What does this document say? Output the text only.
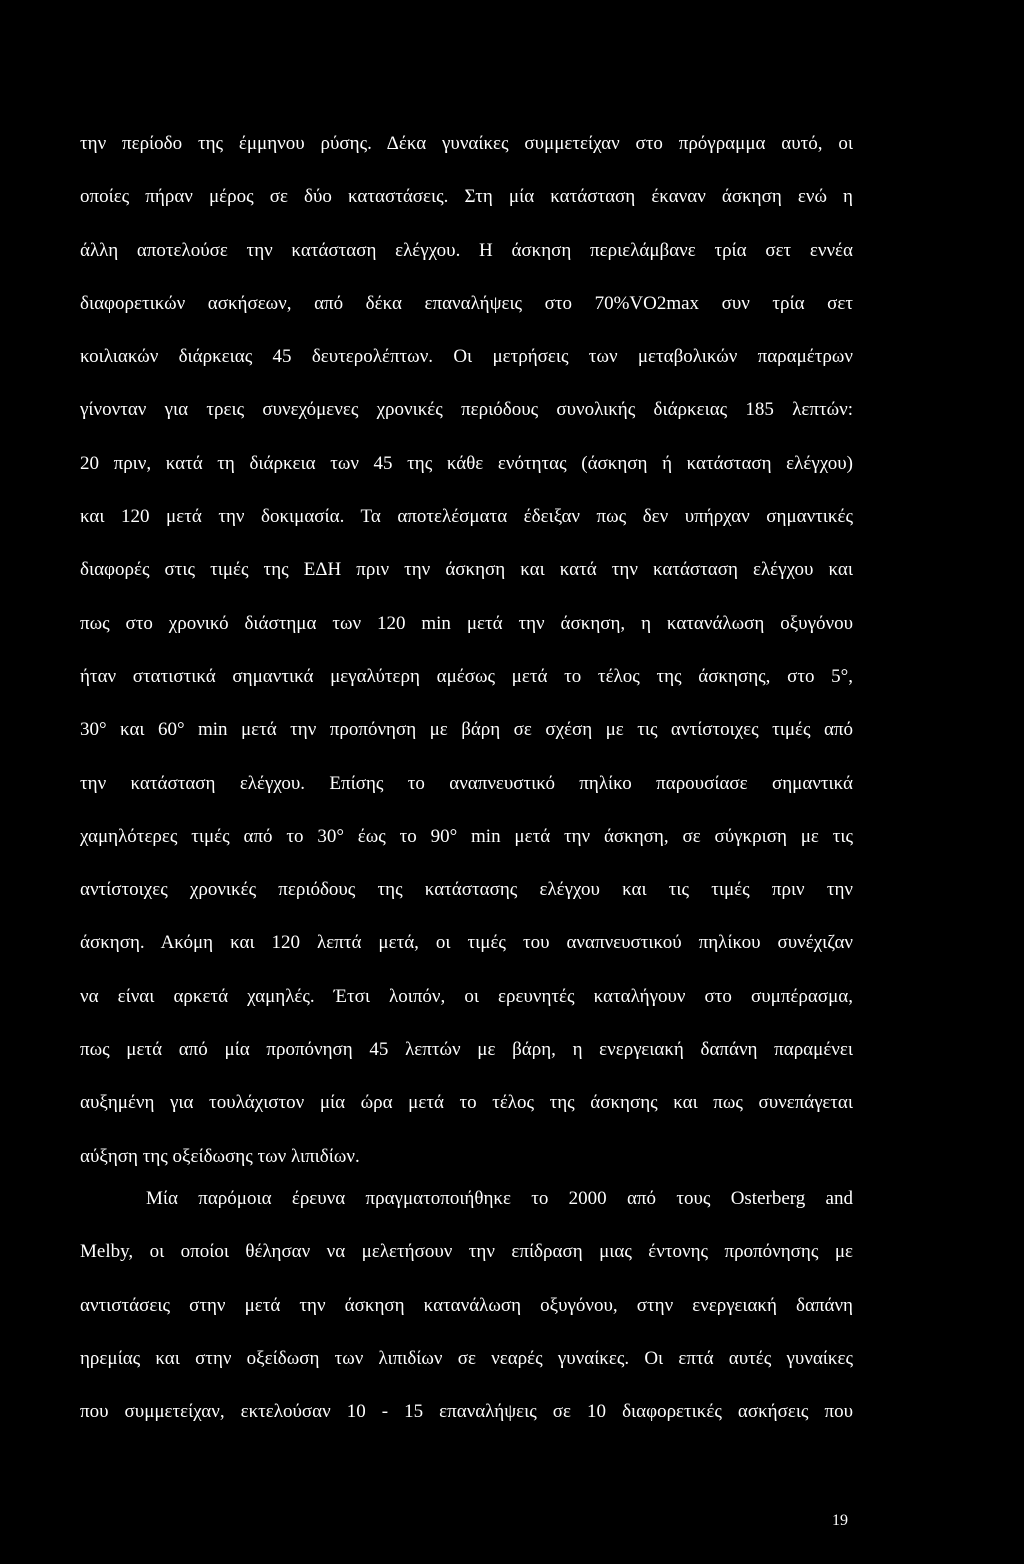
την περίοδο της έμμηνου ρύσης. Δέκα γυναίκες συμμετείχαν στο πρόγραμμα αυτό, οι
οποίες πήραν μέρος σε δύο καταστάσεις. Στη μία κατάσταση έκαναν άσκηση ενώ η
άλλη αποτελούσε την κατάσταση ελέγχου. Η άσκηση περιελάμβανε τρία σετ εννέα
διαφορετικών ασκήσεων, από δέκα επαναλήψεις στο 70%VO2max συν τρία σετ
κοιλιακών διάρκειας 45 δευτερολέπτων. Οι μετρήσεις των μεταβολικών παραμέτρων
γίνονταν για τρεις συνεχόμενες χρονικές περιόδους συνολικής διάρκειας 185 λεπτών:
20 πριν, κατά τη διάρκεια των 45 της κάθε ενότητας (άσκηση ή κατάσταση ελέγχου)
και 120 μετά την δοκιμασία. Τα αποτελέσματα έδειξαν πως δεν υπήρχαν σημαντικές
διαφορές στις τιμές της ΕΔΗ πριν την άσκηση και κατά την κατάσταση ελέγχου και
πως στο χρονικό διάστημα των 120 min μετά την άσκηση, η κατανάλωση οξυγόνου
ήταν στατιστικά σημαντικά μεγαλύτερη αμέσως μετά το τέλος της άσκησης, στο 5°,
30° και 60° min μετά την προπόνηση με βάρη σε σχέση με τις αντίστοιχες τιμές από
την κατάσταση ελέγχου. Επίσης το αναπνευστικό πηλίκο παρουσίασε σημαντικά
χαμηλότερες τιμές από το 30° έως το 90° min μετά την άσκηση, σε σύγκριση με τις
αντίστοιχες χρονικές περιόδους της κατάστασης ελέγχου και τις τιμές πριν την
άσκηση. Ακόμη και 120 λεπτά μετά, οι τιμές του αναπνευστικού πηλίκου συνέχιζαν
να είναι αρκετά χαμηλές. Έτσι λοιπόν, οι ερευνητές καταλήγουν στο συμπέρασμα,
πως μετά από μία προπόνηση 45 λεπτών με βάρη, η ενεργειακή δαπάνη παραμένει
αυξημένη για τουλάχιστον μία ώρα μετά το τέλος της άσκησης και πως συνεπάγεται
αύξηση της οξείδωσης των λιπιδίων.
Μία παρόμοια έρευνα πραγματοποιήθηκε το 2000 από τους Osterberg and
Melby, οι οποίοι θέλησαν να μελετήσουν την επίδραση μιας έντονης προπόνησης με
αντιστάσεις στην μετά την άσκηση κατανάλωση οξυγόνου, στην ενεργειακή δαπάνη
ηρεμίας και στην οξείδωση των λιπιδίων σε νεαρές γυναίκες. Οι επτά αυτές γυναίκες
που συμμετείχαν, εκτελούσαν 10 - 15 επαναλήψεις σε 10 διαφορετικές ασκήσεις που
19
